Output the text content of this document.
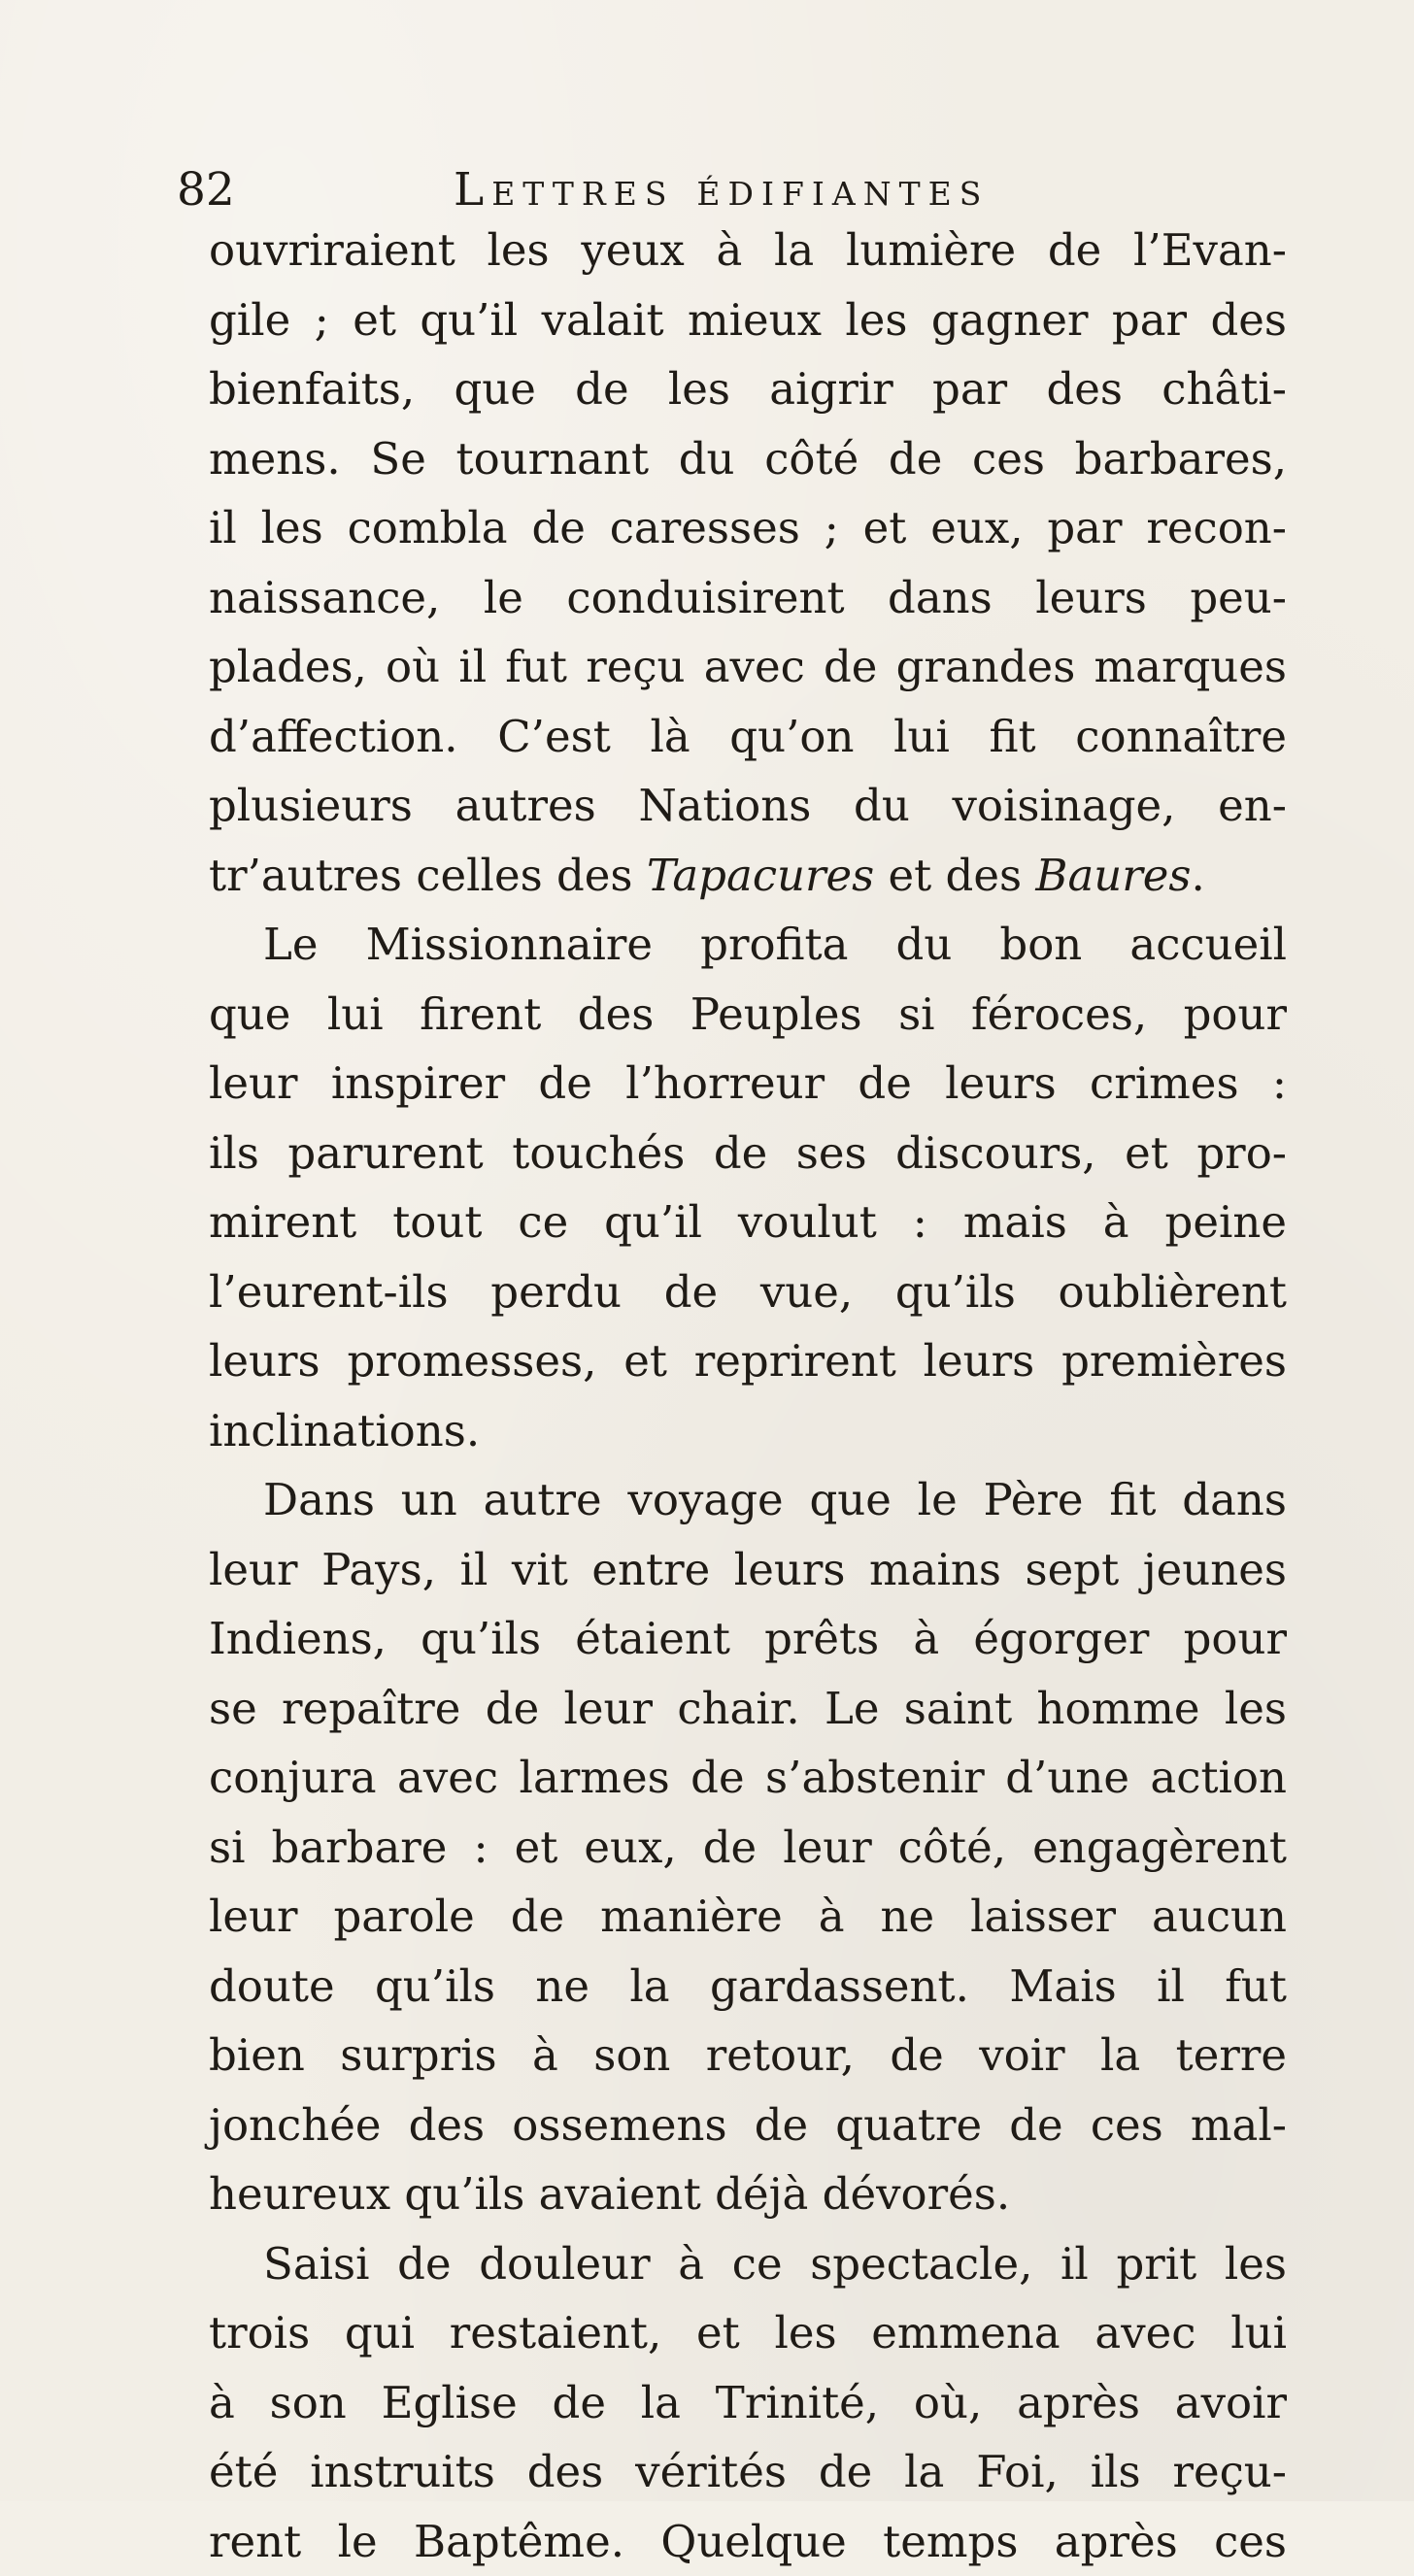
82	Lettres édifiantes
ouvriraient les yeux à la lumière de l’Evan-
gile ; et qu’il valait mieux les gagner par des
bienfaits, que de les aigrir par des châti-
mens. Se tournant du côté de ces barbares,
il les combla de caresses ; et eux, par recon-
naissance, le conduisirent dans leurs peu-
plades, où il fut reçu avec de grandes marques
d’affection. C’est là qu’on lui fit connaître
plusieurs autres Nations du voisinage, en-
tr’autres celles des Tapacures et des Baures.
Le Missionnaire profita du bon accueil
que lui firent des Peuples si féroces, pour
leur inspirer de l’horreur de leurs crimes :
ils parurent touchés de ses discours, et pro-
mirent tout ce qu’il voulut : mais à peine
l’eurent-ils perdu de vue, qu’ils oublièrent
leurs promesses, et reprirent leurs premières
inclinations.
Dans un autre voyage que le Père fit dans
leur Pays, il vit entre leurs mains sept jeunes
Indiens, qu’ils étaient prêts à égorger pour
se repaître de leur chair. Le saint homme les
conjura avec larmes de s’abstenir d’une action
si barbare : et eux, de leur côté, engagèrent
leur parole de manière à ne laisser aucun
doute qu’ils ne la gardassent. Mais il fut
bien surpris à son retour, de voir la terre
jonchée des ossemens de quatre de ces mal-
heureux qu’ils avaient déjà dévorés.
Saisi de douleur à ce spectacle, il prit les
trois qui restaient, et les emmena avec lui
à son Eglise de la Trinité, où, après avoir
été instruits des vérités de la Foi, ils reçu-
rent le Baptême. Quelque temps après ces
